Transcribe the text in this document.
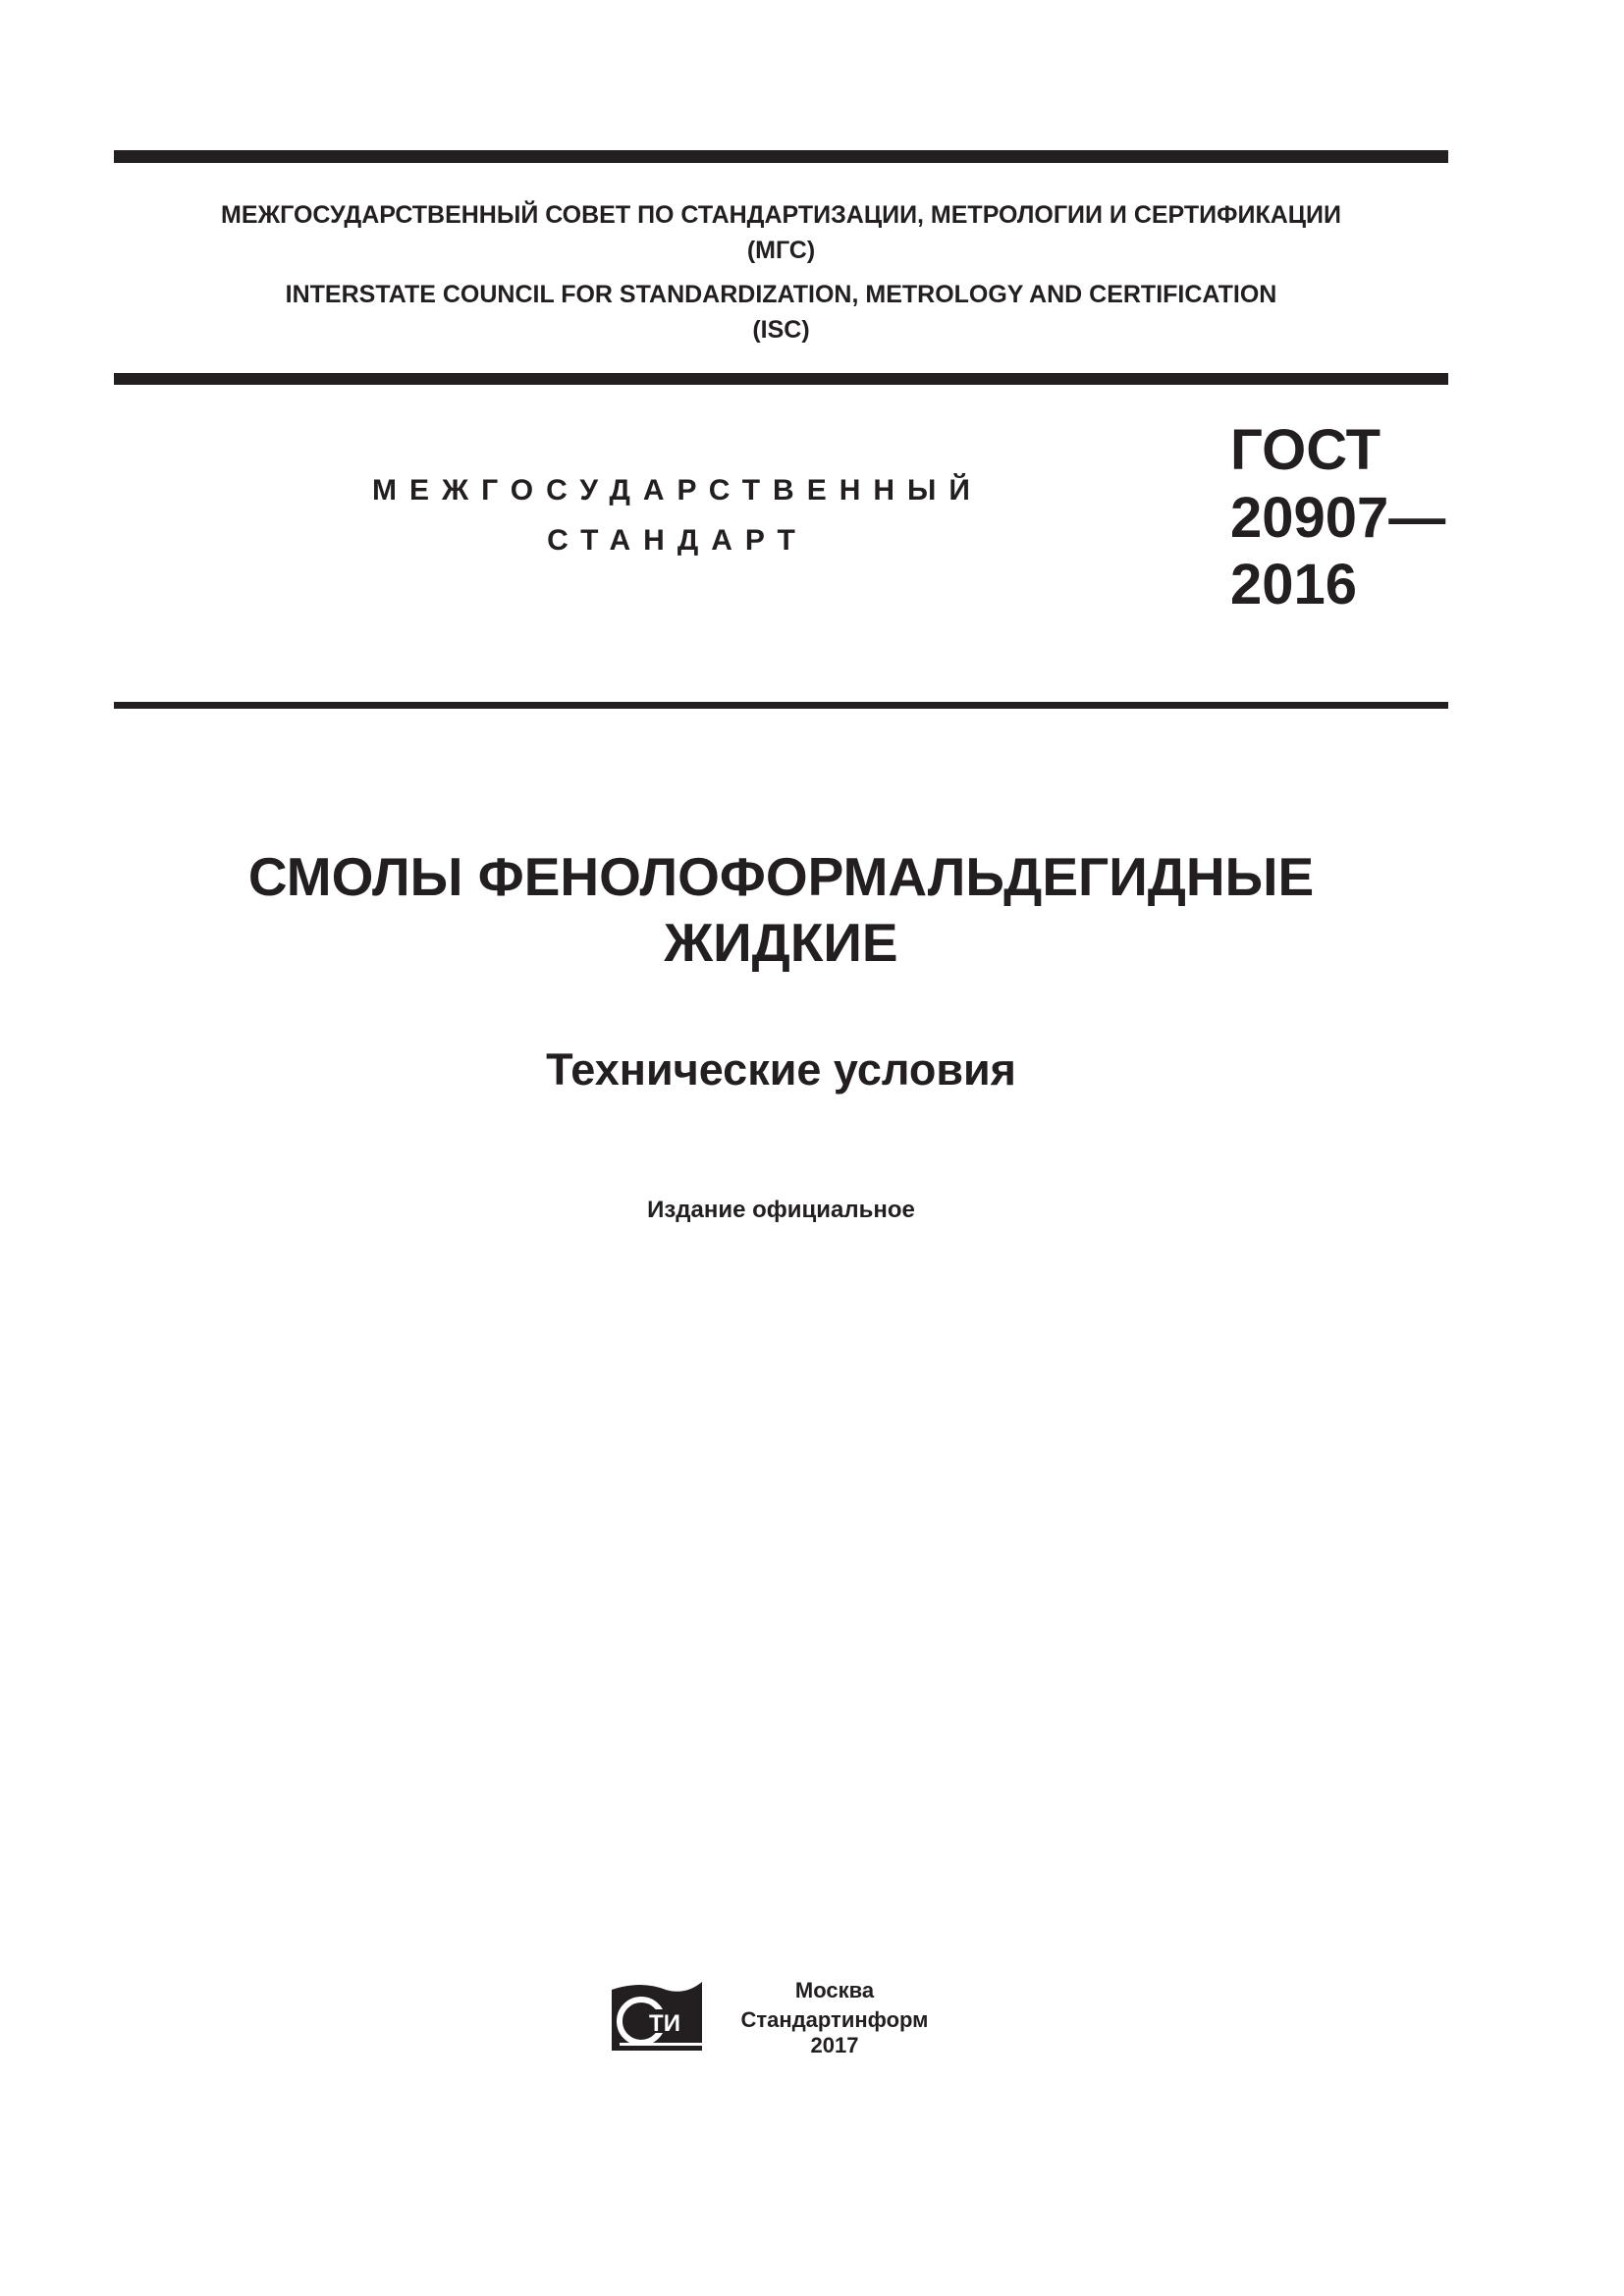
МЕЖГОСУДАРСТВЕННЫЙ СОВЕТ ПО СТАНДАРТИЗАЦИИ, МЕТРОЛОГИИ И СЕРТИФИКАЦИИ
(МГС)
INTERSTATE COUNCIL FOR STANDARDIZATION, METROLOGY AND CERTIFICATION
(ISC)
МЕЖГОСУДАРСТВЕННЫЙ
СТАНДАРТ
ГОСТ
20907—
2016
СМОЛЫ ФЕНОЛОФОРМАЛЬДЕГИДНЫЕ
ЖИДКИЕ
Технические условия
Издание официальное
ТИ
Москва
Стандартинформ
2017
